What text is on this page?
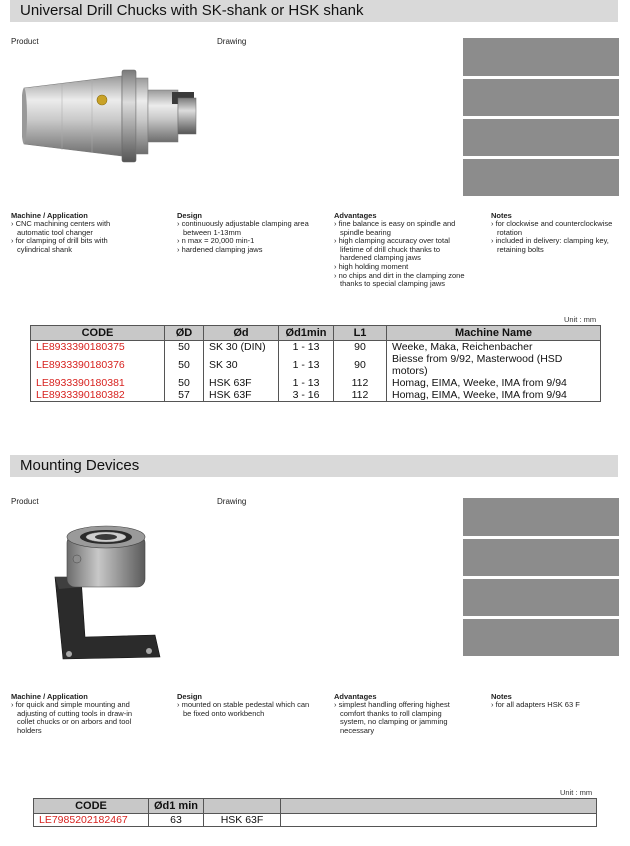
Universal Drill Chucks with SK-shank or HSK shank
Product	Drawing
Machine / Application
› CNC machining centers with automatic tool changer
› for clamping of drill bits with cylindrical shank
Design
› continuously adjustable clamping area between 1-13mm
› n max = 20,000 min-1
› hardened clamping jaws
Advantages
› fine balance is easy on spindle and spindle bearing
› high clamping accuracy over total lifetime of drill chuck thanks to hardened clamping jaws
› high holding moment
› no chips and dirt in the clamping zone thanks to special clamping jaws
Notes
› for clockwise and counterclockwise rotation
› included in delivery: clamping key, retaining bolts
Unit : mm
CODE	ØD	Ød	Ød1min	L1	Machine Name
LE8933390180375	50	SK 30 (DIN)	1 - 13	90	Weeke, Maka, Reichenbacher
LE8933390180376	50	SK 30	1 - 13	90	Biesse from 9/92, Masterwood (HSD motors)
LE8933390180381	50	HSK 63F	1 - 13	112	Homag, EIMA, Weeke, IMA from 9/94
LE8933390180382	57	HSK 63F	3 - 16	112	Homag, EIMA, Weeke, IMA from 9/94
Mounting Devices
Product	Drawing
Machine / Application
› for quick and simple mounting and adjusting of cutting tools in draw-in collet chucks or on arbors and tool holders
Design
› mounted on stable pedestal which can be fixed onto workbench
Advantages
› simplest handling offering highest comfort thanks to roll clamping system, no clamping or jamming necessary
Notes
› for all adapters HSK 63 F
Unit : mm
CODE	Ød1 min		
LE7985202182467	63	HSK 63F	
